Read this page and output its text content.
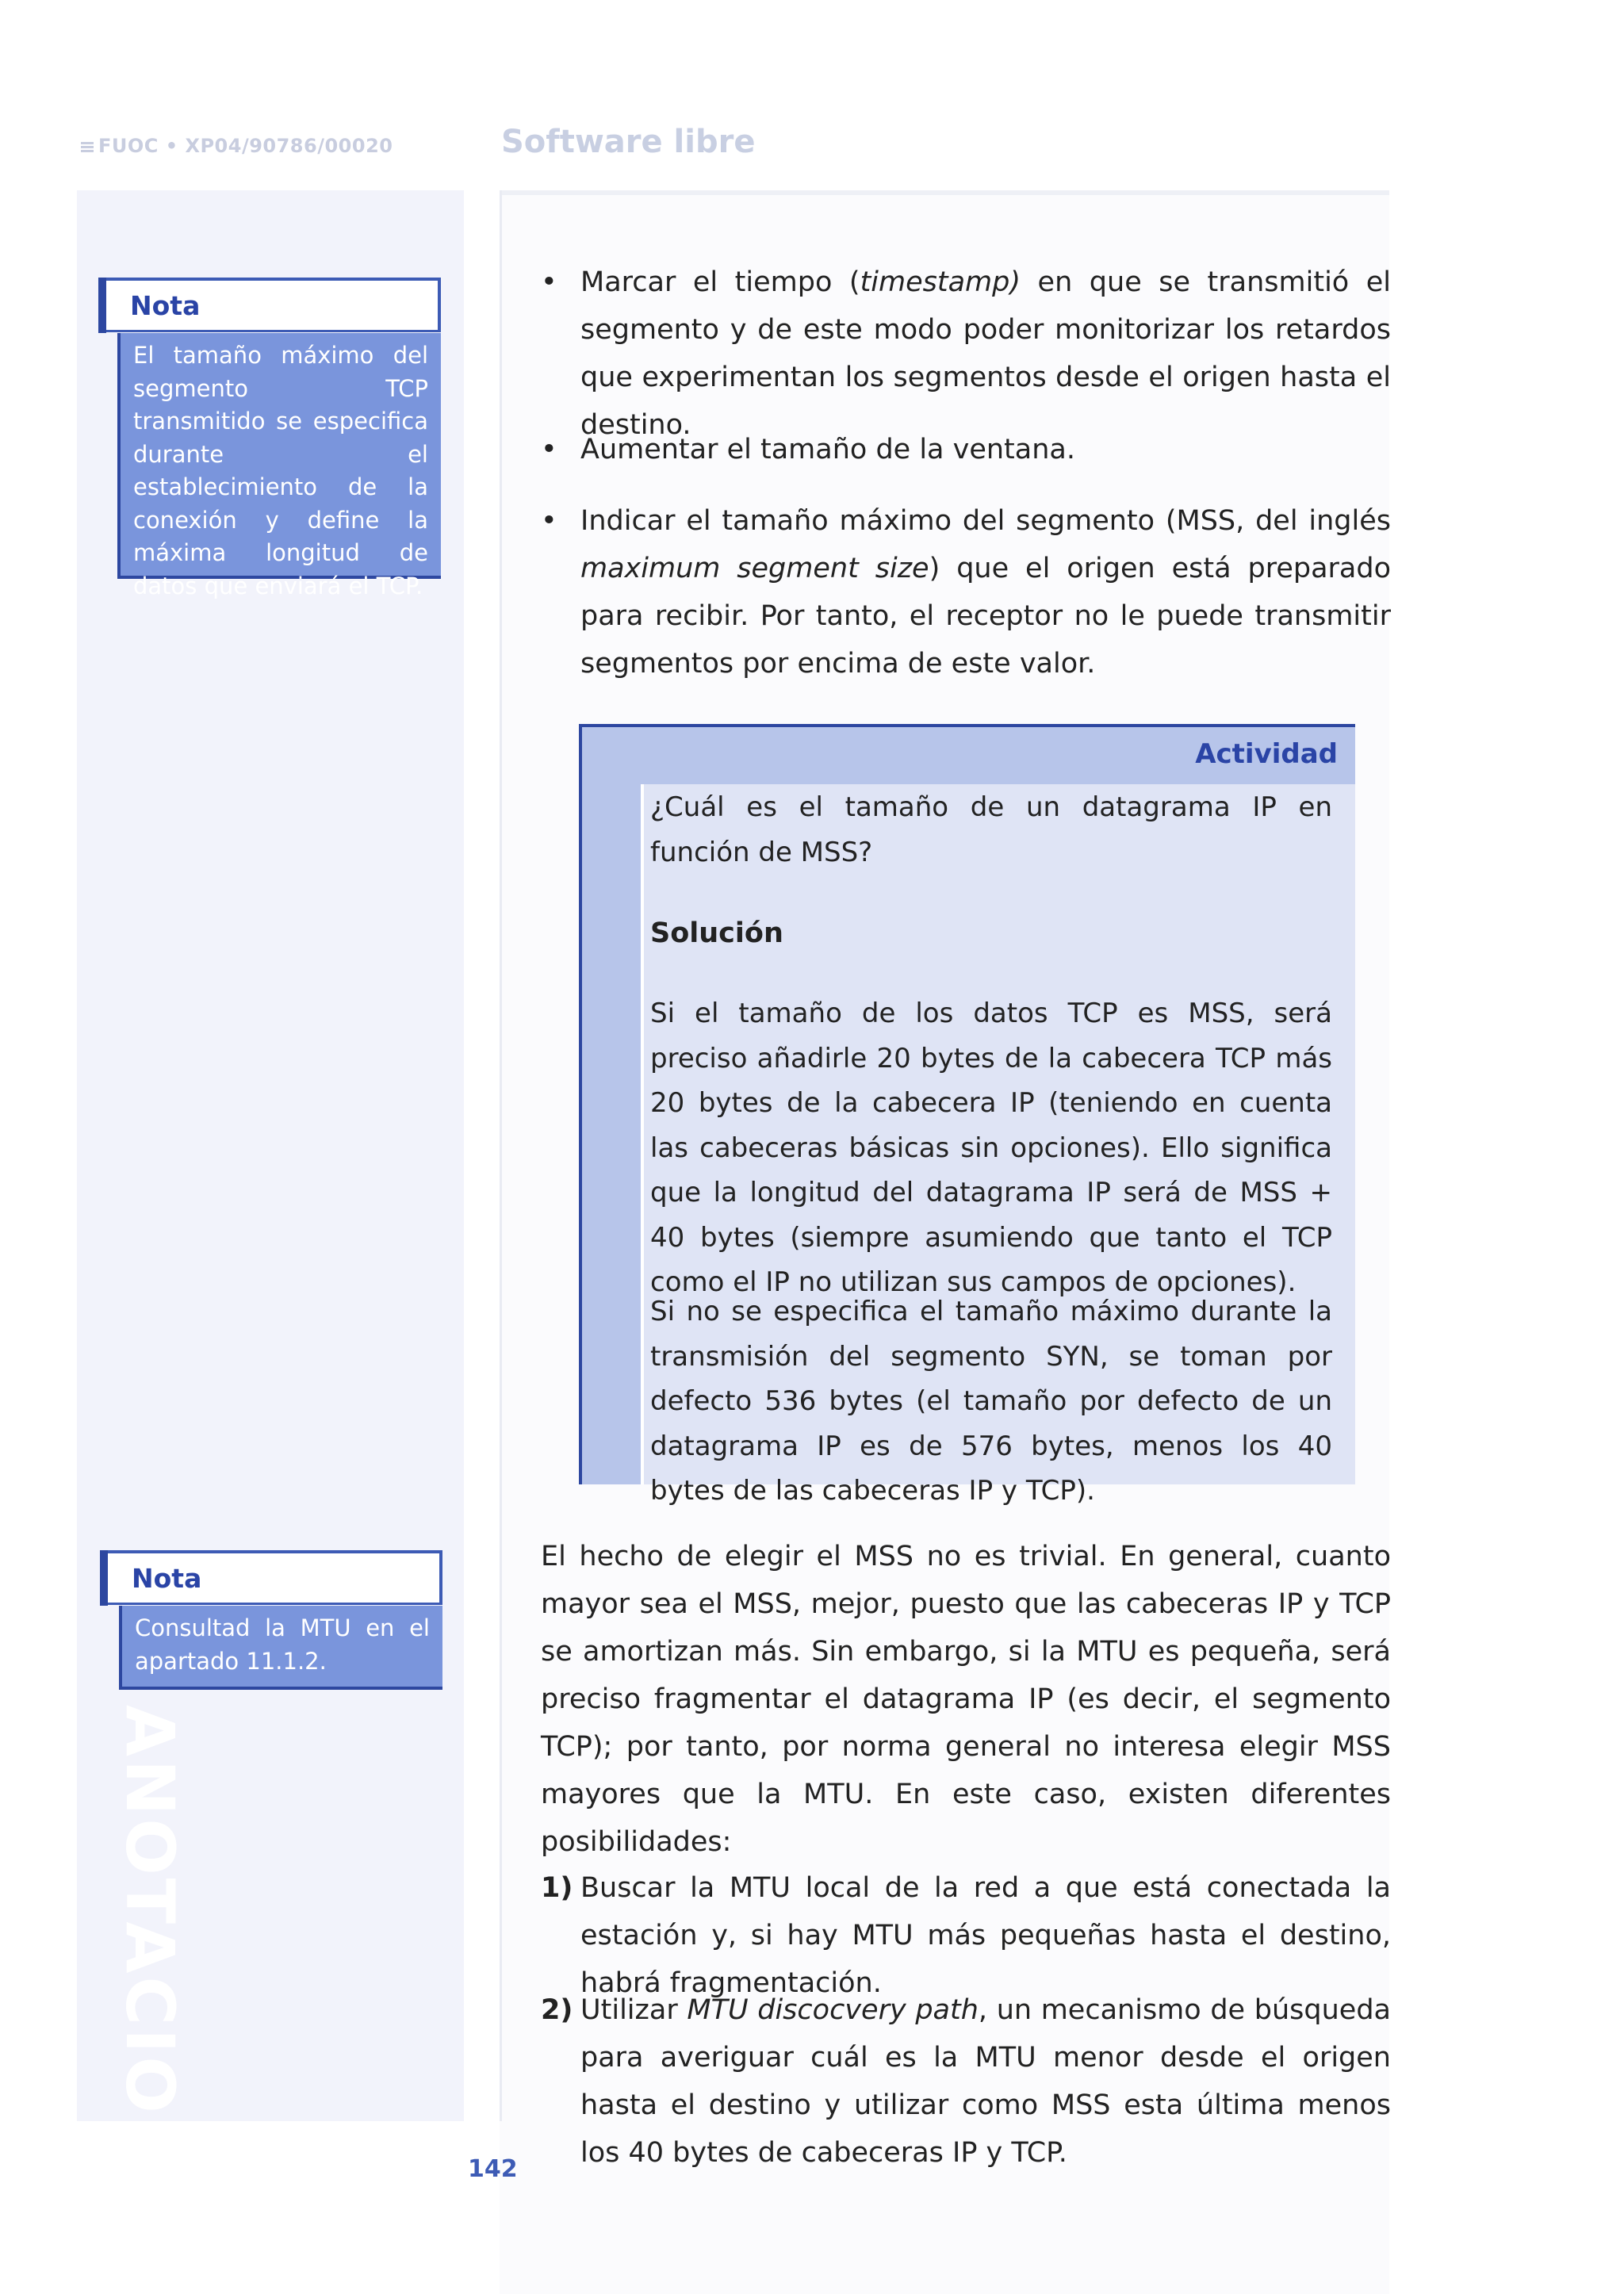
FUOC • XP04/90786/00020	Software libre
ANOTACIONES
Nota
El tamaño máximo del segmento TCP transmitido se especifica durante el establecimiento de la conexión y define la máxima longitud de datos que enviará el TCP.
Nota
Consultad la MTU en el apartado 11.1.2.
• Marcar el tiempo (timestamp) en que se transmitió el segmento y de este modo poder monitorizar los retardos que experimentan los segmentos desde el origen hasta el destino.
• Aumentar el tamaño de la ventana.
• Indicar el tamaño máximo del segmento (MSS, del inglés maximum segment size) que el origen está preparado para recibir. Por tanto, el receptor no le puede transmitir segmentos por encima de este valor.
Actividad
¿Cuál es el tamaño de un datagrama IP en función de MSS?
Solución
Si el tamaño de los datos TCP es MSS, será preciso añadirle 20 bytes de la cabecera TCP más 20 bytes de la cabecera IP (teniendo en cuenta las cabeceras básicas sin opciones). Ello significa que la longitud del datagrama IP será de MSS + 40 bytes (siempre asumiendo que tanto el TCP como el IP no utilizan sus campos de opciones).
Si no se especifica el tamaño máximo durante la transmisión del segmento SYN, se toman por defecto 536 bytes (el tamaño por defecto de un datagrama IP es de 576 bytes, menos los 40 bytes de las cabeceras IP y TCP).
El hecho de elegir el MSS no es trivial. En general, cuanto mayor sea el MSS, mejor, puesto que las cabeceras IP y TCP se amortizan más. Sin embargo, si la MTU es pequeña, será preciso fragmentar el datagrama IP (es decir, el segmento TCP); por tanto, por norma general no interesa elegir MSS mayores que la MTU. En este caso, existen diferentes posibilidades:
1) Buscar la MTU local de la red a que está conectada la estación y, si hay MTU más pequeñas hasta el destino, habrá fragmentación.
2) Utilizar MTU discocvery path, un mecanismo de búsqueda para averiguar cuál es la MTU menor desde el origen hasta el destino y utilizar como MSS esta última menos los 40 bytes de cabeceras IP y TCP.
142
